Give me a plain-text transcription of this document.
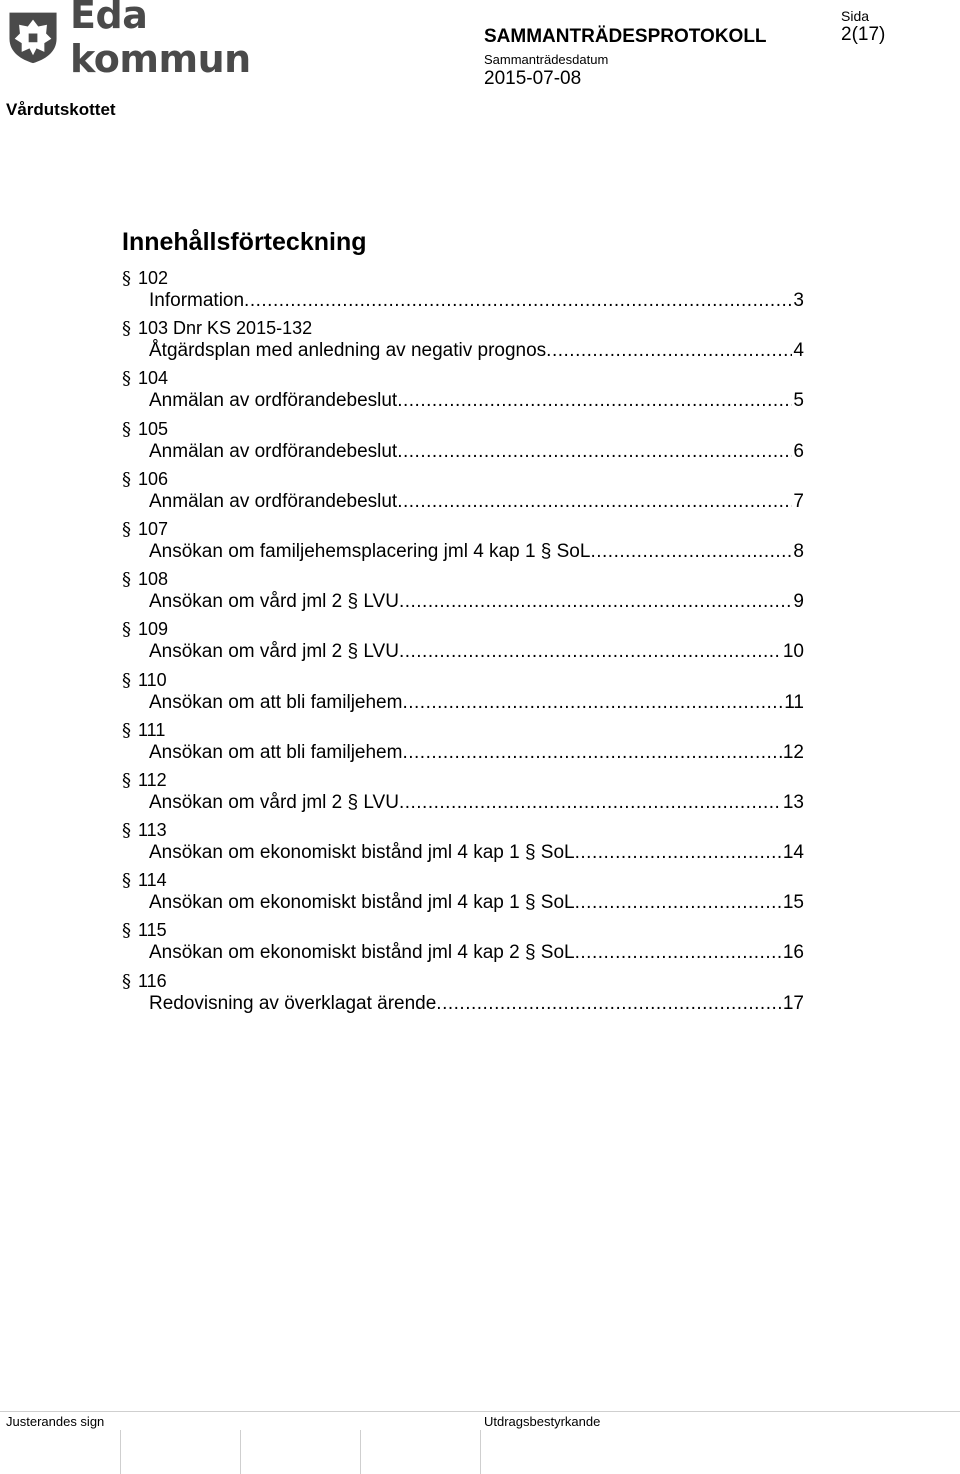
Eda kommun
SAMMANTRÄDESPROTOKOLL
Sammanträdesdatum
2015-07-08
Sida
2(17)
Vårdutskottet
Innehållsförteckning
§ 102
Information .....	3
§ 103 Dnr KS 2015-132
Åtgärdsplan med anledning av negativ prognos .....	4
§ 104
Anmälan av ordförandebeslut .....	5
§ 105
Anmälan av ordförandebeslut .....	6
§ 106
Anmälan av ordförandebeslut .....	7
§ 107
Ansökan om familjehemsplacering jml 4 kap 1 § SoL .....	8
§ 108
Ansökan om vård jml 2 § LVU .....	9
§ 109
Ansökan om vård jml 2 § LVU .....	10
§ 110
Ansökan om att bli familjehem .....	11
§ 111
Ansökan om att bli familjehem .....	12
§ 112
Ansökan om vård jml 2 § LVU .....	13
§ 113
Ansökan om ekonomiskt bistånd jml 4 kap 1 § SoL .....	14
§ 114
Ansökan om ekonomiskt bistånd jml 4 kap 1 § SoL .....	15
§ 115
Ansökan om ekonomiskt bistånd jml 4 kap 2 § SoL .....	16
§ 116
Redovisning av överklagat ärende .....	17
Justerandes sign	Utdragsbestyrkande
